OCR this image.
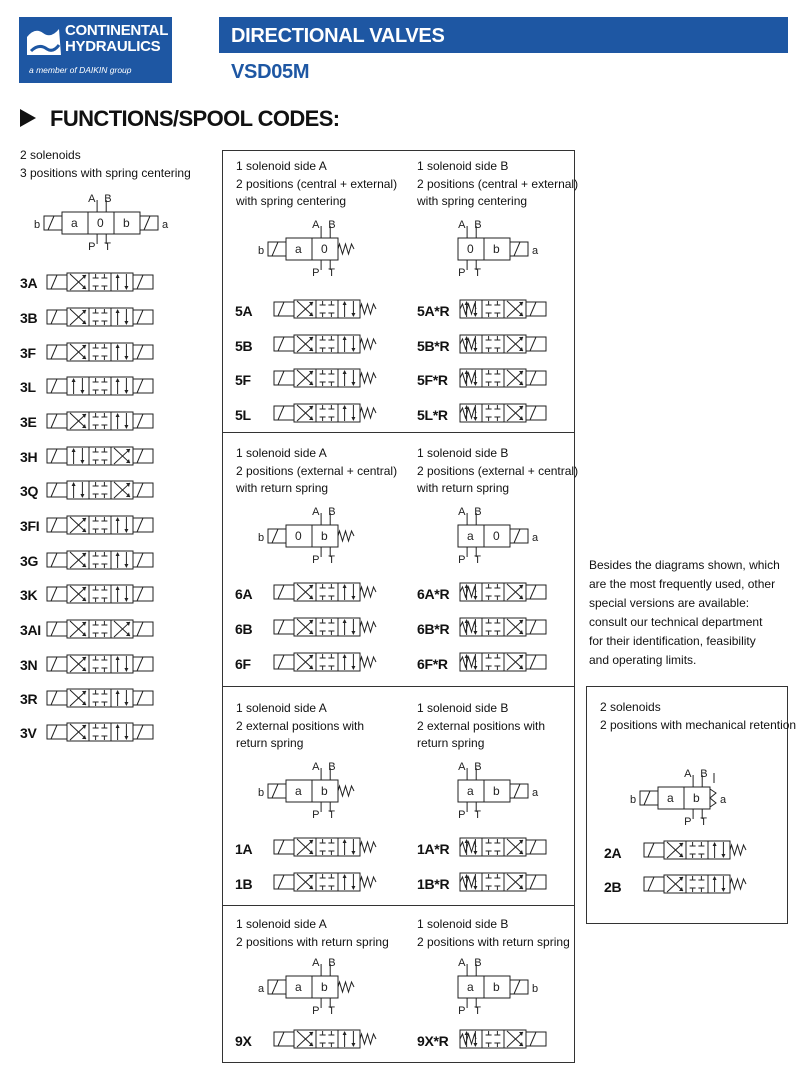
CONTINENTAL
HYDRAULICS
a member of DAIKIN group
DIRECTIONAL VALVES
VSD05M
FUNCTIONS/SPOOL CODES:
2 solenoids
3 positions with spring centering
Besides the diagrams shown, which
are the most frequently used, other
special versions are available:
consult our technical department
for their identification, feasibility
and operating limits.
2 solenoids
2 positions with mechanical retention
b	a 0 b
A B
P T
a
3A
3B
3F
3L
3E
3H
3Q
3FI
3G
3K
3AI
3N
3R
3V
1 solenoid side A
2 positions (central + external)
with spring centering
1 solenoid side B
2 positions (central + external)
with spring centering
b	a 0
A B
P T
0 b
A B
P T
a
5A
5B
5F
5L
5A*R
5B*R
5F*R
5L*R
1 solenoid side A
2 positions (external + central)
with return spring
1 solenoid side B
2 positions (external + central)
with return spring
b	0 b
A B
P T
a 0
A B
P T
a
6A
6B
6F
6A*R
6B*R
6F*R
1 solenoid side A
2 external positions with
return spring
1 solenoid side B
2 external positions with
return spring
b	a b
A B
P T
a b
A B
P T
a
1A
1B
1A*R
1B*R
1 solenoid side A
2 positions with return spring
1 solenoid side B
2 positions with return spring
a	a b
A B
P T
a b
A B
P T
b
9X	9X*R
b	a b
A B
P T
a
2A
2B
